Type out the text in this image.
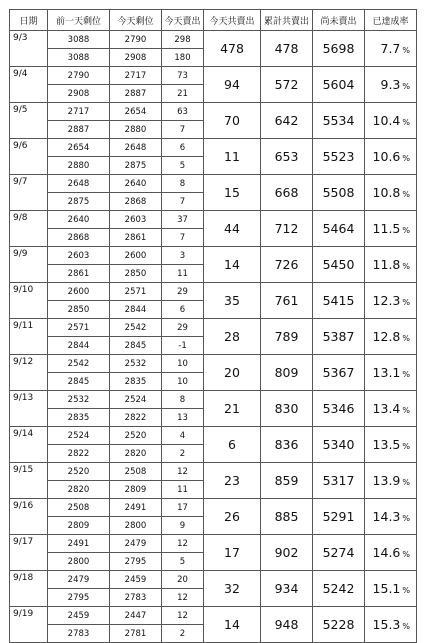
日期	前一天剩位	今天剩位	今天賣出	今天共賣出	累計共賣出	尚未賣出	已達成率
9/3	3088	2790	298	478	478	5698	7.7 %
	3088	2908	180				
9/4	2790	2717	73	94	572	5604	9.3 %
	2908	2887	21				
9/5	2717	2654	63	70	642	5534	10.4 %
	2887	2880	7				
9/6	2654	2648	6	11	653	5523	10.6 %
	2880	2875	5				
9/7	2648	2640	8	15	668	5508	10.8 %
	2875	2868	7				
9/8	2640	2603	37	44	712	5464	11.5 %
	2868	2861	7				
9/9	2603	2600	3	14	726	5450	11.8 %
	2861	2850	11				
9/10	2600	2571	29	35	761	5415	12.3 %
	2850	2844	6				
9/11	2571	2542	29	28	789	5387	12.8 %
	2844	2845	-1				
9/12	2542	2532	10	20	809	5367	13.1 %
	2845	2835	10				
9/13	2532	2524	8	21	830	5346	13.4 %
	2835	2822	13				
9/14	2524	2520	4	6	836	5340	13.5 %
	2822	2820	2				
9/15	2520	2508	12	23	859	5317	13.9 %
	2820	2809	11				
9/16	2508	2491	17	26	885	5291	14.3 %
	2809	2800	9				
9/17	2491	2479	12	17	902	5274	14.6 %
	2800	2795	5				
9/18	2479	2459	20	32	934	5242	15.1 %
	2795	2783	12				
9/19	2459	2447	12	14	948	5228	15.3 %
	2783	2781	2				
